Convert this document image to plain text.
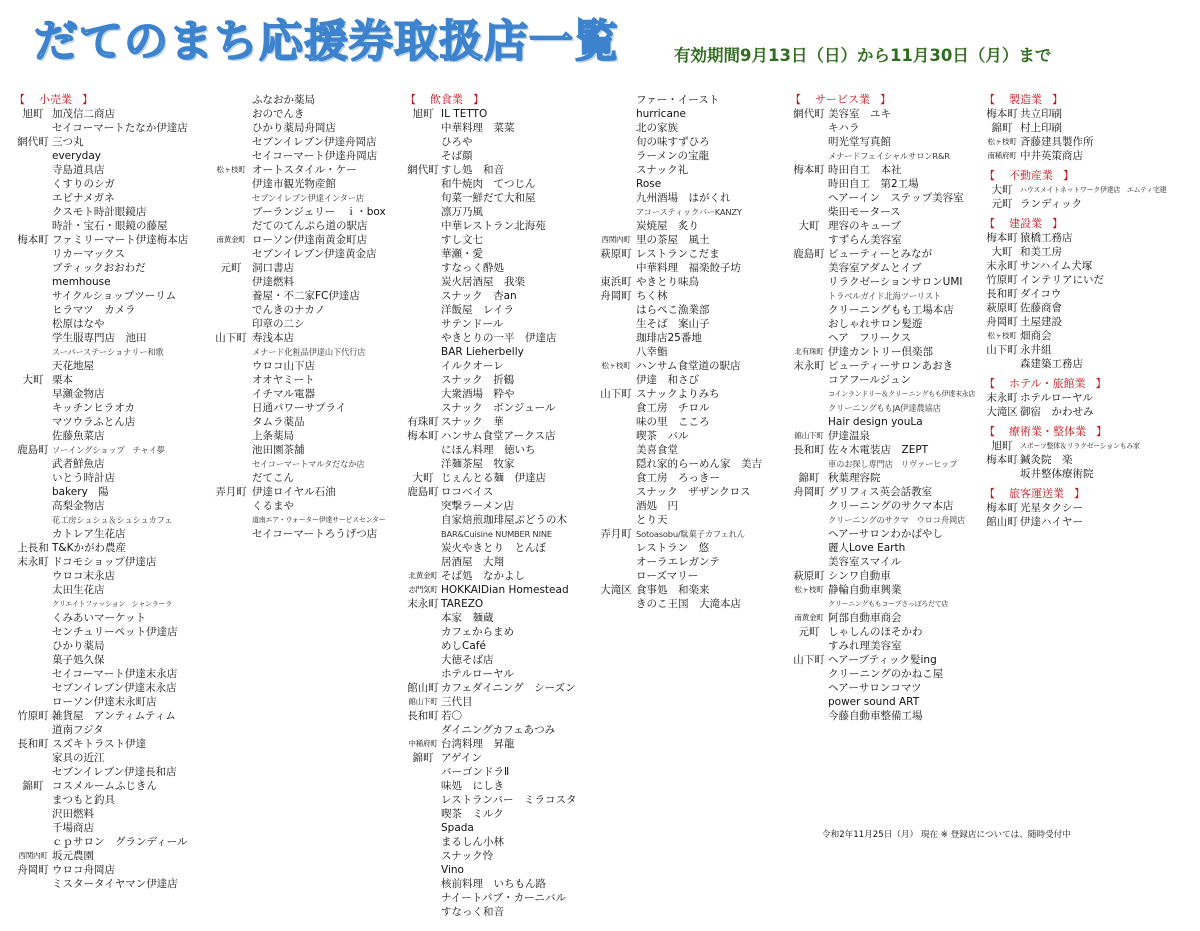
だてのまち応援券取扱店一覧	有効期間9月13日（日）から11月30日（月）まで
【 小売業 】
旭町 加茂信二商店
セイコーマートたなか伊達店
網代町 三つ丸
everyday
寺島道具店
くすりのシガ
エピナメガネ
クスモト時計眼鏡店
時計・宝石・眼鏡の藤屋
梅本町 ファミリーマート伊達梅本店
リカーマックス
ブティックおおわだ
memhouse
サイクルショップツーリム
ヒラマツ　カメラ
松原はなや
学生服専門店　池田
スーパーステーショナリー和歌
天花地屋
大町 栗本
早瀬金物店
キッチンヒラオカ
マツウラふとん店
佐藤魚菜店
鹿島町 ソーイングショップ　チャイ夢
武者鮮魚店
いとう時計店
bakery　陽
高梨金物店
花工房シュシュ＆シュシュカフェ
カトレア生花店
上長和 T&Kかがわ農産
末永町 ドコモショップ伊達店
ウロコ末永店
太田生花店
クリエイトファッション　シャンラーラ
くみあいマーケット
センチュリーペット伊達店
ひかり薬局
菓子処久保
セイコーマート伊達末永店
セブンイレブン伊達末永店
ローソン伊達末永町店
竹原町 雑貨屋　アンティムティム
道南フジタ
長和町 スズキトラスト伊達
家具の近江
セブンイレブン伊達長和店
錦町 コスメルームふじきん
まつもと釣具
沢田燃料
千場商店
ｃｐサロン　グランディール
西関内町 坂元農園
舟岡町 ウロコ舟岡店
ミスタータイヤマン伊達店
ふなおか薬局
おのでんき
ひかり薬局舟岡店
セブンイレブン伊達舟岡店
セイコーマート伊達舟岡店
松ヶ枝町 オートスタイル・ケー
伊達市観光物産館
セブンイレブン伊達インター店
ブーランジェリー　ｉ・box
だてのてんぷら道の駅店
南黄金町 ローソン伊達南黄金町店
セブンイレブン伊達黄金店
元町	洞口書店
伊達燃料
養屋・不二家FC伊達店
でんきのナカノ
印章の二シ
山下町 寿浅本店
メナード化粧品伊達山下代行店
ウロコ山下店
オオヤミート
イチマル電器
日通パワーサプライ
タムラ薬品
上条薬局
池田園茶舗
セイコーマートマルタだなか店
だてこん
弄月町 伊達ロイヤル石油
くるまや
道南エア・ウォーター伊達サービスセンター
セイコーマートろうげつ店
【 飲食業 】
旭町 IL TETTO
中華料理　菜菜
ひろや
そば顔
網代町 すし処　和音
和牛焼肉　てつじん
旬菜一鮮だて大和屋
凛万乃風
中華レストラン北海苑
すし文七
華瀬・愛
すなっく酔処
炭火居酒屋　我楽
スナック　杏an
洋飯屋　レイラ
サテンドール
やきとりの一平　伊達店
BAR Lieherbelly
イルクオーレ
スナック　折鶴
大衆酒場　粋や
スナック　ボンジュール
有珠町 スナック　華
梅本町 ハンサム食堂アークス店
にほん料理　徳いち
洋麺茶屋　牧家
大町 じぇんとる麺　伊達店
鹿島町 ロコベイス
突撃ラーメン店
自家焙煎珈琲屋ぶどうの木
BAR&Cuisine NUMBER NINE
炭火やきとり　とんぼ
居酒屋　大翔
北黄金町 そば処　なかよし
志門気町 HOKKAIDian Homestead
末永町 TAREZO
本家　麺蔵
カフェからまめ
めしCafé
大徳そば店
ホテルローヤル
館山町 カフェダイニング　シーズン
館山下町 三代目
長和町 若〇
ダイニングカフェあつみ
中稀府町 台湾料理　昇龍
錦町 アゲイン
バーゴンドラⅡ
味処　にしき
レストランバー　ミラコスタ
喫茶　ミルク
Spada
まるしん小林
スナック怜
Vino
核前料理　いちもん路
ナイートパブ・カーニバル
すなっく和音
ファー・イースト
hurricane
北の家族
旬の味すずひろ
ラーメンの宝龍
スナック礼
Rose
九州酒場　はがくれ
アコースティックバーKANZY
炭焼屋　炙り
西関内町 里の茶屋　風土
萩原町 レストランこだま
中華料理　福楽餃子坊
東浜町 やきとり味鳥
舟岡町 ちく林
はらぺこ漁業部
生そば　案山子
珈琲店25番地
八幸鮨
松ヶ枝町 ハンサム食堂道の駅店
伊達　和さび
山下町 スナックよりみち
食工房　チロル
味の里　こころ
喫茶　バル
美喜食堂
隠れ家的らーめん家　美吉
食工房　ろっきー
スナック　ザザンクロス
酒処　円
とり天
弄月町 Sotoasobu/駄菓子カフェれん
レストラン　悠
オーラエレガンテ
ローズマリー
大滝区 食事処　和楽来
きのこ王国　大滝本店
【 サービス業 】
網代町 美容室　ユキ
キハラ
明光堂写真館
メナードフェイシャルサロンR&R
梅本町 時田自工　本社
時田自工　第2工場
ヘアーイン　ステップ美容室
柴田モータース
大町 理容のキューブ
すずらん美容室
鹿島町 ビューティーとみなが
美容室アダムとイブ
リラクゼーションサロンUMI
トラベルガイド北海ツーリスト
クリーニングもも工場本店
おしゃれサロン髪遊
ヘア　フリークス
北有珠町 伊達カントリー倶楽部
末永町 ビューティーサロンあおき
コアフールジュン
コインランドリー＆クリーニングもも伊達末永店
クリーニングももJA伊達農協店
Hair design youLa
館山下町 伊達温泉
長和町 佐々木電装店　ZEPT
車のお探し専門店　リヴァーヒップ
錦町 秋葉理容院
舟岡町 グリフィス英会話教室
クリーニングのサクマ本店
クリーニングのサクマ　ウロコ舟岡店
ヘアーサロンわかばやし
麗人Love Earth
美容室スマイル
萩原町 シンワ自動車
松ヶ枝町 静輪自動車興業
クリーニングももコープさっぽろだて店
南黄金町 阿部自動車商会
元町 しゃしんのほそかわ
すみれ理美容室
山下町 ヘアーブティック髪ing
クリーニングのかねこ屋
ヘアーサロンコマツ
power sound ART
今藤自動車整備工場
【 製造業 】
梅本町 共立印刷
錦町 村上印刷
松ヶ枝町 斉藤建具製作所
南稀府町 中井英策商店
【 不動産業 】
大町	ハウスメイトネットワーク伊達店　エムティ宅建
元町 ランディック
【 建設業 】
梅本町 猿橋工務店
大町 和美工房
末永町 サンハイム犬塚
竹原町 インテリアにいだ
長和町 ダイコウ
萩原町 佐藤商會
舟岡町 土屋建設
松ヶ枝町 畑商会
山下町 永井組
森建築工務店
【 ホテル・旅館業 】
末永町 ホテルローヤル
大滝区 御宿　かわせみ
【 療術業・整体業 】
旭町	スポーツ整体＆リラクゼーションもみ家
梅本町 鍼灸院　楽
坂井整体療術院
【 旅客運送業 】
梅本町 光星タクシー
館山町 伊達ハイヤー
令和2年11月25日（月） 現在 ※ 登録店については、随時受付中
